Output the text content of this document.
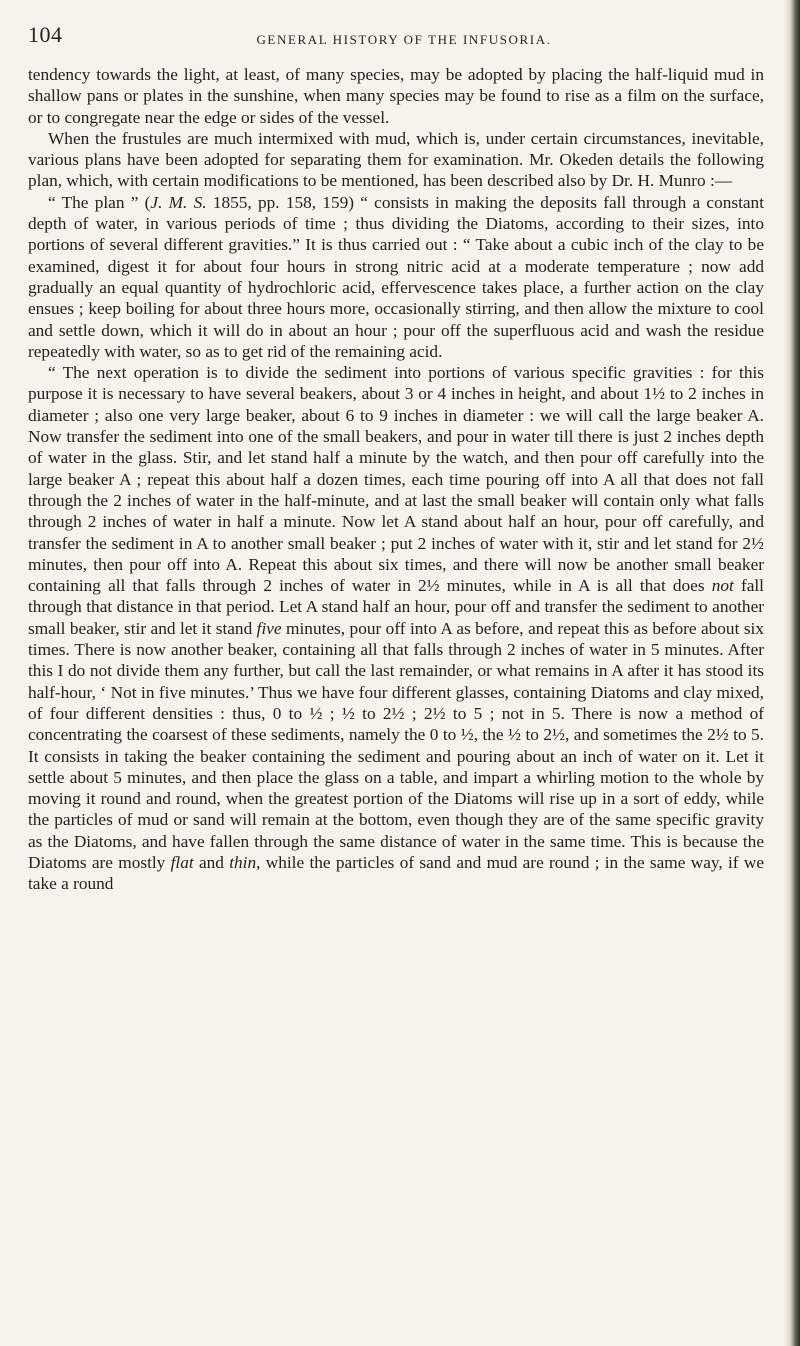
104	GENERAL HISTORY OF THE INFUSORIA.

tendency towards the light, at least, of many species, may be adopted by placing the half-liquid mud in shallow pans or plates in the sunshine, when many species may be found to rise as a film on the surface, or to congregate near the edge or sides of the vessel.

When the frustules are much intermixed with mud, which is, under certain circumstances, inevitable, various plans have been adopted for separating them for examination. Mr. Okeden details the following plan, which, with certain modifications to be mentioned, has been described also by Dr. H. Munro :—

“ The plan ” (J. M. S. 1855, pp. 158, 159) “ consists in making the deposits fall through a constant depth of water, in various periods of time ; thus dividing the Diatoms, according to their sizes, into portions of several different gravities.” It is thus carried out : “ Take about a cubic inch of the clay to be examined, digest it for about four hours in strong nitric acid at a moderate temperature ; now add gradually an equal quantity of hydrochloric acid, effervescence takes place, a further action on the clay ensues ; keep boiling for about three hours more, occasionally stirring, and then allow the mixture to cool and settle down, which it will do in about an hour ; pour off the superfluous acid and wash the residue repeatedly with water, so as to get rid of the remaining acid.

“ The next operation is to divide the sediment into portions of various specific gravities : for this purpose it is necessary to have several beakers, about 3 or 4 inches in height, and about 1½ to 2 inches in diameter ; also one very large beaker, about 6 to 9 inches in diameter : we will call the large beaker A. Now transfer the sediment into one of the small beakers, and pour in water till there is just 2 inches depth of water in the glass. Stir, and let stand half a minute by the watch, and then pour off carefully into the large beaker A ; repeat this about half a dozen times, each time pouring off into A all that does not fall through the 2 inches of water in the half-minute, and at last the small beaker will contain only what falls through 2 inches of water in half a minute. Now let A stand about half an hour, pour off carefully, and transfer the sediment in A to another small beaker ; put 2 inches of water with it, stir and let stand for 2½ minutes, then pour off into A. Repeat this about six times, and there will now be another small beaker containing all that falls through 2 inches of water in 2½ minutes, while in A is all that does not fall through that distance in that period. Let A stand half an hour, pour off and transfer the sediment to another small beaker, stir and let it stand five minutes, pour off into A as before, and repeat this as before about six times. There is now another beaker, containing all that falls through 2 inches of water in 5 minutes. After this I do not divide them any further, but call the last remainder, or what remains in A after it has stood its half-hour, ‘ Not in five minutes.’ Thus we have four different glasses, containing Diatoms and clay mixed, of four different densities : thus, 0 to ½ ; ½ to 2½ ; 2½ to 5 ; not in 5. There is now a method of concentrating the coarsest of these sediments, namely the 0 to ½, the ½ to 2½, and sometimes the 2½ to 5. It consists in taking the beaker containing the sediment and pouring about an inch of water on it. Let it settle about 5 minutes, and then place the glass on a table, and impart a whirling motion to the whole by moving it round and round, when the greatest portion of the Diatoms will rise up in a sort of eddy, while the particles of mud or sand will remain at the bottom, even though they are of the same specific gravity as the Diatoms, and have fallen through the same distance of water in the same time. This is because the Diatoms are mostly flat and thin, while the particles of sand and mud are round ; in the same way, if we take a round
